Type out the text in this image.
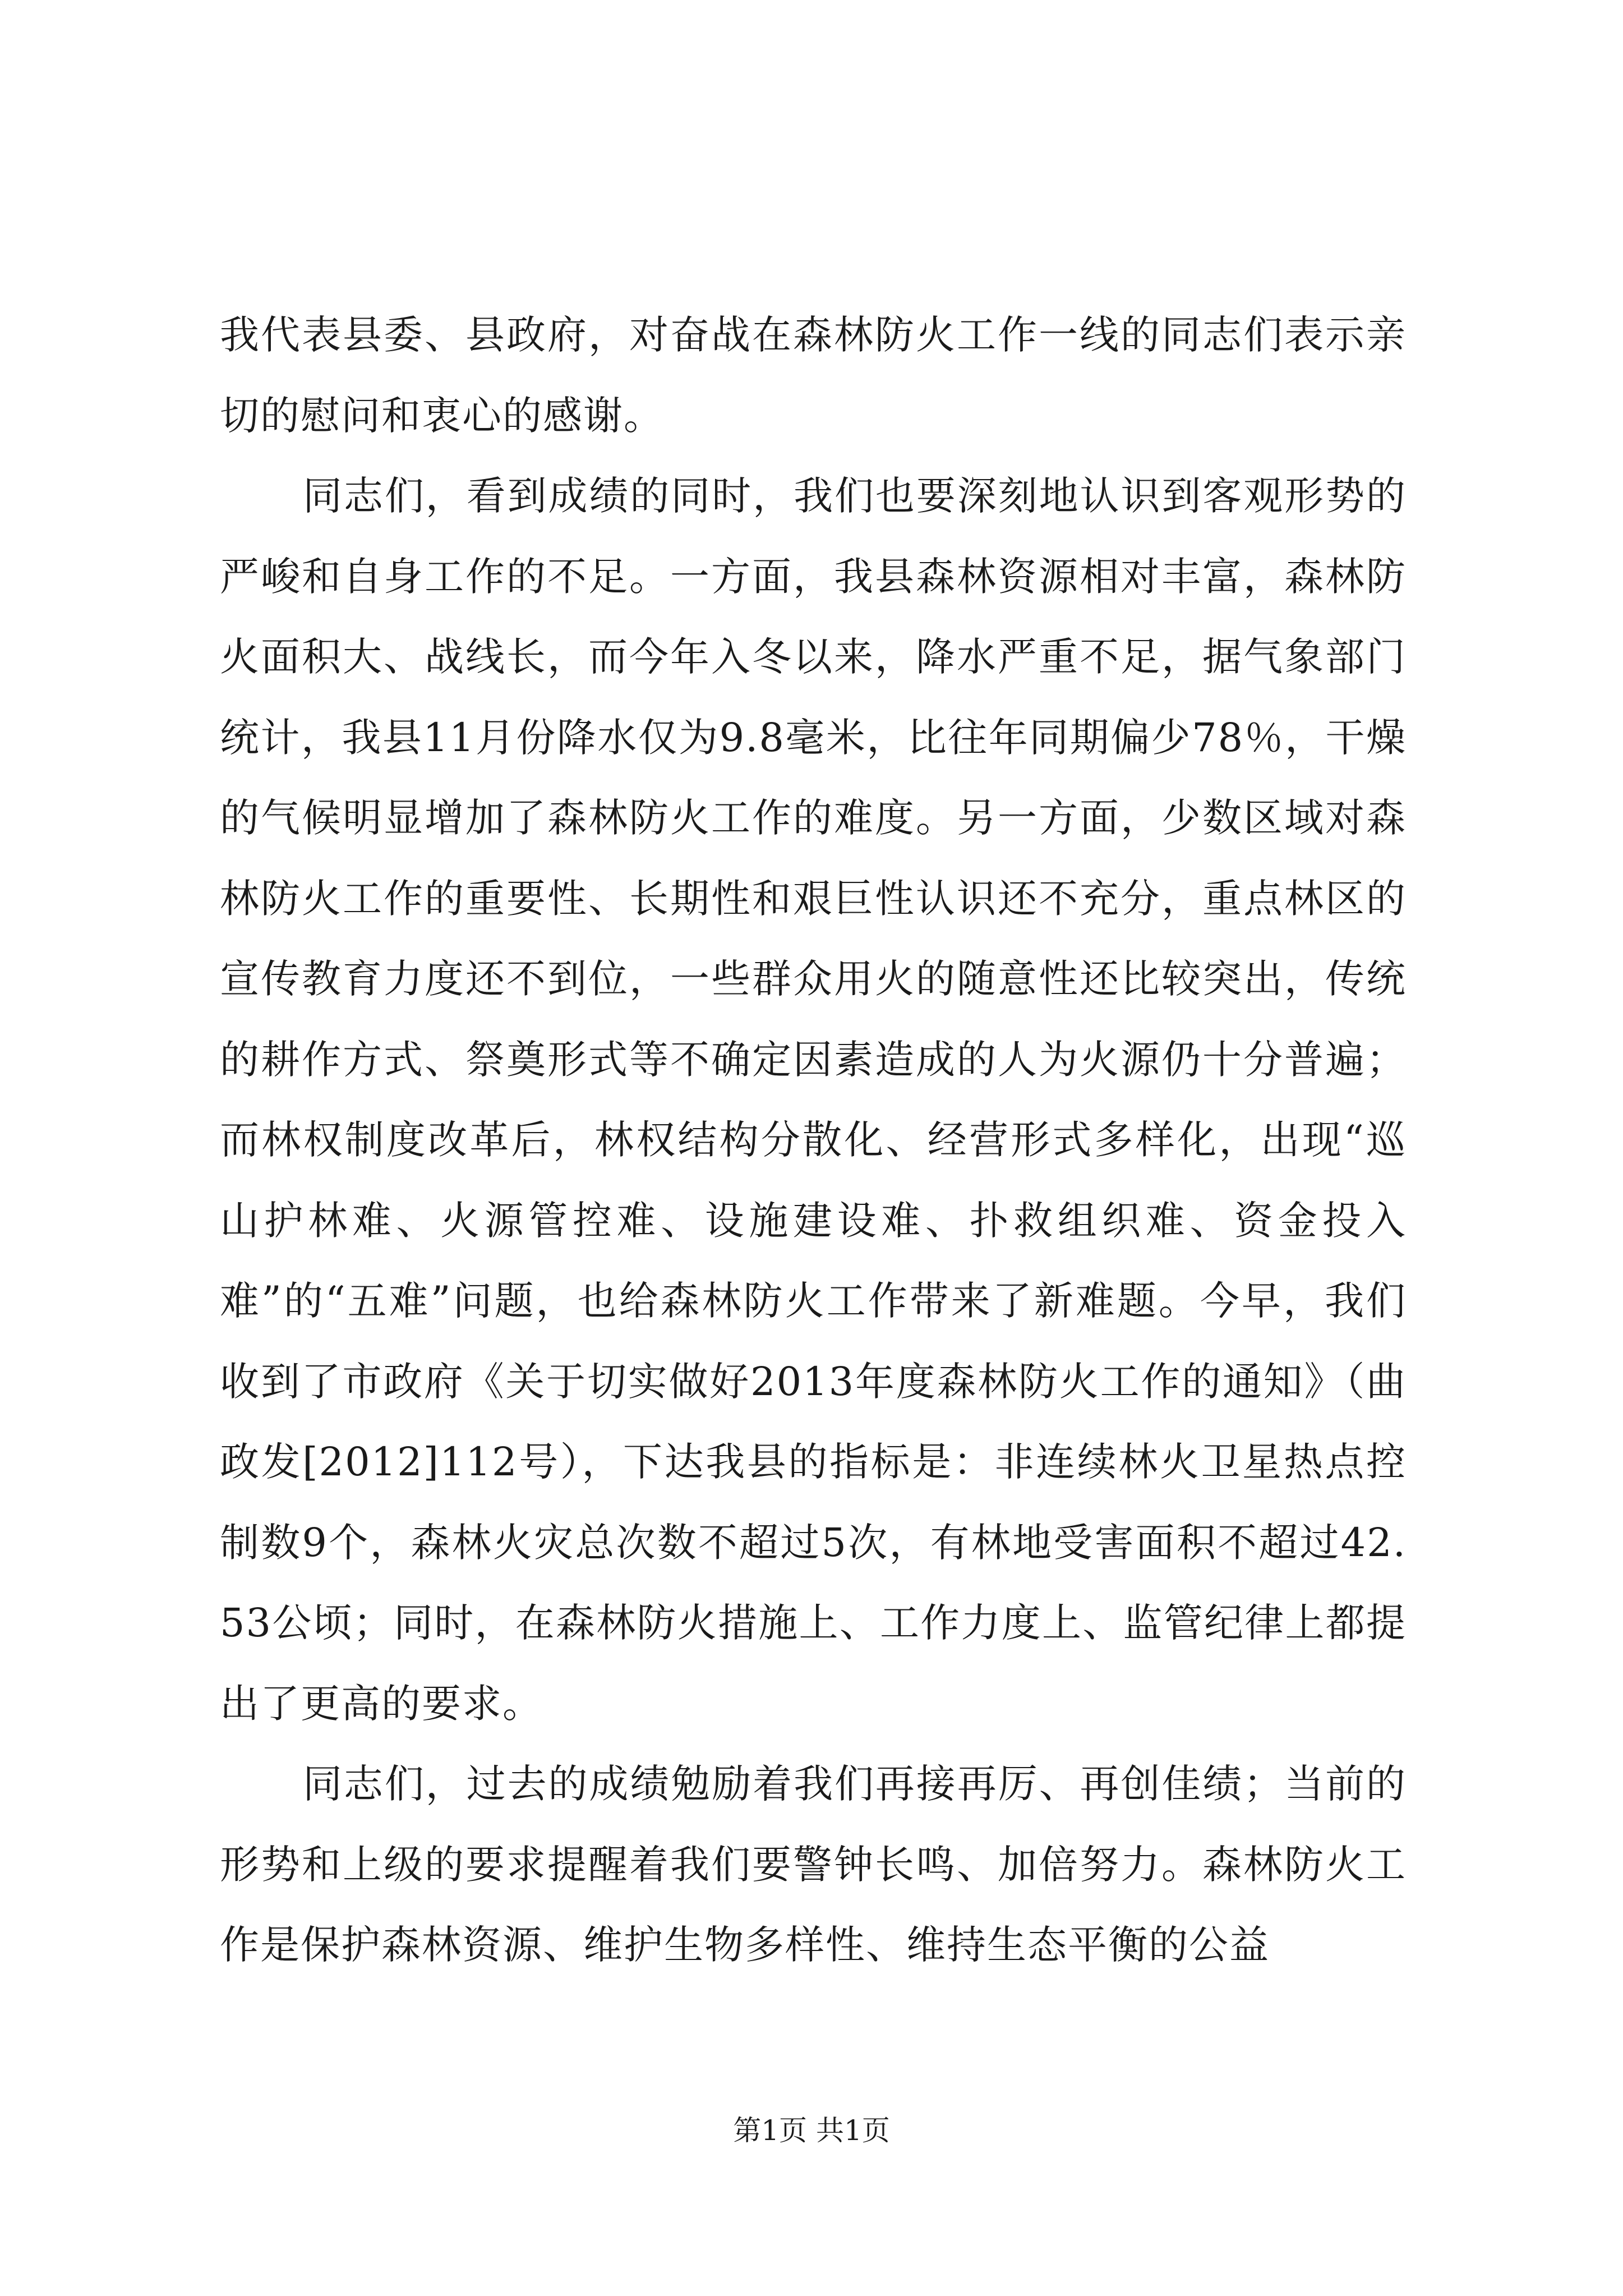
我代表县委、县政府，对奋战在森林防火工作一线的同志们表示亲切的慰问和衷心的感谢。

同志们，看到成绩的同时，我们也要深刻地认识到客观形势的严峻和自身工作的不足。一方面，我县森林资源相对丰富，森林防火面积大、战线长，而今年入冬以来，降水严重不足，据气象部门统计，我县11月份降水仅为9.8毫米，比往年同期偏少78％，干燥的气候明显增加了森林防火工作的难度。另一方面，少数区域对森林防火工作的重要性、长期性和艰巨性认识还不充分，重点林区的宣传教育力度还不到位，一些群众用火的随意性还比较突出，传统的耕作方式、祭奠形式等不确定因素造成的人为火源仍十分普遍；而林权制度改革后，林权结构分散化、经营形式多样化，出现“巡山护林难、火源管控难、设施建设难、扑救组织难、资金投入难”的“五难”问题，也给森林防火工作带来了新难题。今早，我们收到了市政府《关于切实做好2013年度森林防火工作的通知》（曲政发[2012]112号），下达我县的指标是：非连续林火卫星热点控制数9个，森林火灾总次数不超过5次，有林地受害面积不超过42.53公顷；同时，在森林防火措施上、工作力度上、监管纪律上都提出了更高的要求。

同志们，过去的成绩勉励着我们再接再厉、再创佳绩；当前的形势和上级的要求提醒着我们要警钟长鸣、加倍努力。森林防火工作是保护森林资源、维护生物多样性、维持生态平衡的公益

第1页 共1页
